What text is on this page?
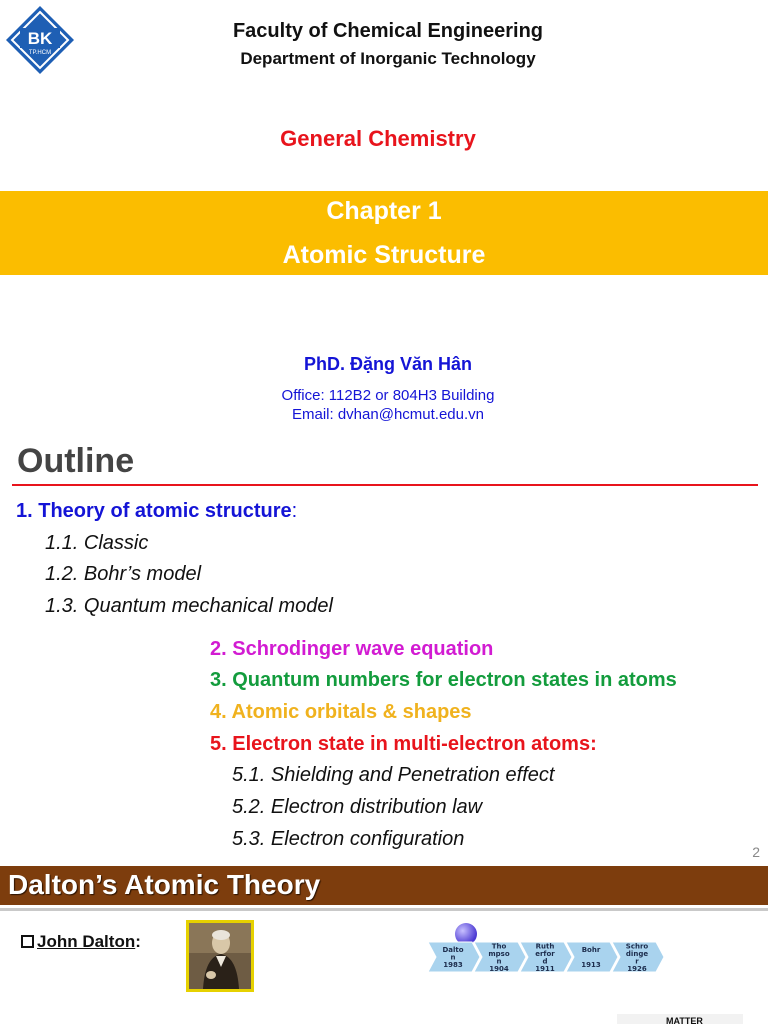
BK
TP.HCM
Faculty of Chemical Engineering
Department of Inorganic Technology
General Chemistry
Chapter 1
Atomic Structure
PhD. Đặng Văn Hân
Office: 112B2 or 804H3 Building
Email: dvhan@hcmut.edu.vn
Outline
1. Theory of atomic structure:
1.1. Classic
1.2. Bohr’s model
1.3. Quantum mechanical model
2. Schrodinger wave equation
3. Quantum numbers for electron states in atoms
4. Atomic orbitals & shapes
5. Electron state in multi-electron atoms:
5.1. Shielding and Penetration effect
5.2. Electron distribution law
5.3. Electron configuration
2
Dalton’s Atomic Theory
John Dalton:	Dalto
n
1983
Tho
mpso
n
1904
Ruth
erfor
d
1911
Bohr
1913
Schro
dinge
r
1926
MATTER
